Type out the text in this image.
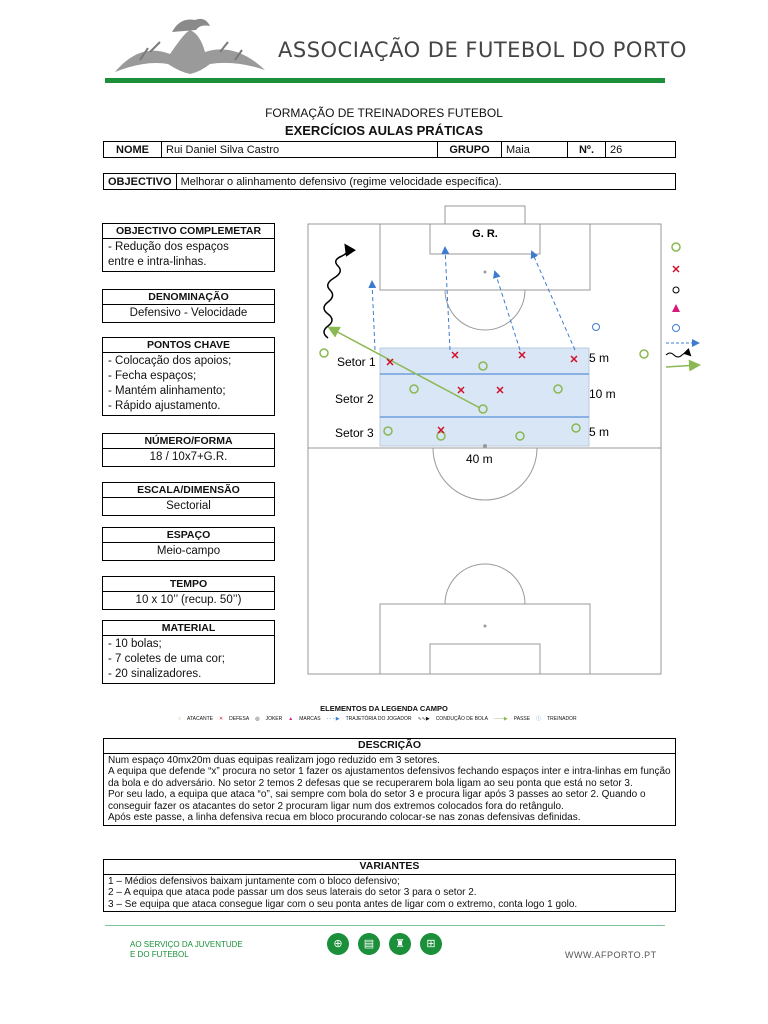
ASSOCIAÇÃO DE FUTEBOL DO PORTO
FORMAÇÃO DE TREINADORES FUTEBOL
EXERCÍCIOS AULAS PRÁTICAS
NOME	Rui Daniel Silva Castro	GRUPO	Maia	Nº.	26
OBJECTIVO	Melhorar o alinhamento defensivo (regime velocidade específica).
OBJECTIVO COMPLEMETAR
- Redução dos espaços
entre e intra-linhas.
DENOMINAÇÃO
Defensivo - Velocidade
PONTOS CHAVE
- Colocação dos apoios;
- Fecha espaços;
- Mantém alinhamento;
- Rápido ajustamento.
NÚMERO/FORMA
18 / 10x7+G.R.
ESCALA/DIMENSÃO
Sectorial
ESPAÇO
Meio-campo
TEMPO
10 x 10’’ (recup. 50’’)
MATERIAL
- 10 bolas;
- 7 coletes de uma cor;
- 20 sinalizadores.
G. R.
Setor 1
Setor 2
Setor 3
5 m
10 m
5 m
40 m
ELEMENTOS DA LEGENDA CAMPO
○ ATACANTE ✕ DEFESA ◎ JOKER ▲ MARCAS - - - ▶ TRAJETÓRIA DO JOGADOR ∿∿▶ CONDUÇÃO DE BOLA ——▶ PASSE ⓘ TREINADOR
DESCRIÇÃO
Num espaço 40mx20m duas equipas realizam jogo reduzido em 3 setores.
A equipa que defende “x” procura no setor 1 fazer os ajustamentos defensivos fechando espaços inter e intra-linhas em função da bola e do adversário. No setor 2 temos 2 defesas que se recuperarem bola ligam ao seu ponta que está no setor 3.
Por seu lado, a equipa que ataca “o”, sai sempre com bola do setor 3 e procura ligar após 3 passes ao setor 2. Quando o conseguir fazer os atacantes do setor 2 procuram ligar num dos extremos colocados fora do retângulo.
Após este passe, a linha defensiva recua em bloco procurando colocar-se nas zonas defensivas definidas.
VARIANTES
1 – Médios defensivos baixam juntamente com o bloco defensivo;
2 – A equipa que ataca pode passar um dos seus laterais do setor 3 para o setor 2.
3 – Se equipa que ataca consegue ligar com o seu ponta antes de ligar com o extremo, conta logo 1 golo.
AO SERVIÇO DA JUVENTUDE
E DO FUTEBOL
⊕	▤	♜	⊞
WWW.AFPORTO.PT
